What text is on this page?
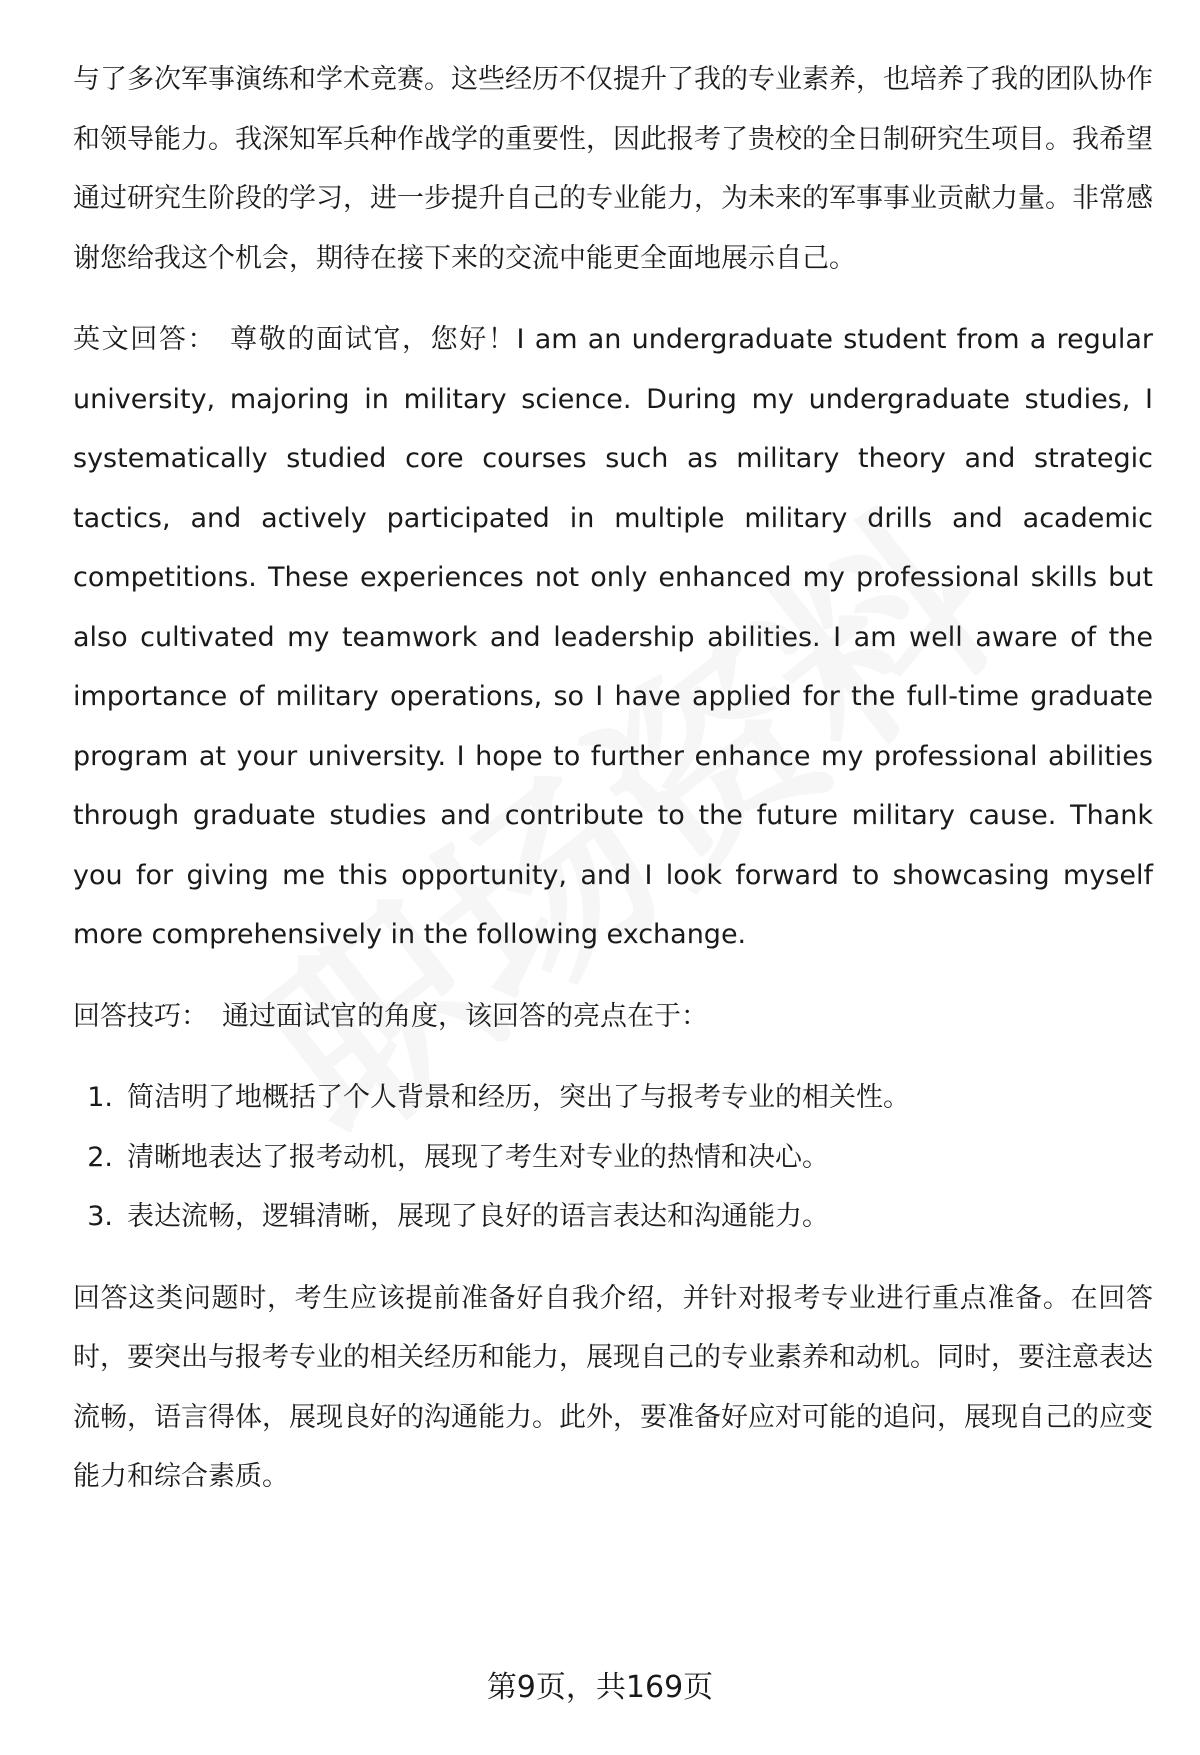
与了多次军事演练和学术竞赛。这些经历不仅提升了我的专业素养，也培养了我的团队协作和领导能力。我深知军兵种作战学的重要性，因此报考了贵校的全日制研究生项目。我希望通过研究生阶段的学习，进一步提升自己的专业能力，为未来的军事事业贡献力量。非常感谢您给我这个机会，期待在接下来的交流中能更全面地展示自己。

英文回答： 尊敬的面试官，您好！I am an undergraduate student from a regular university, majoring in military science. During my undergraduate studies, I systematically studied core courses such as military theory and strategic tactics, and actively participated in multiple military drills and academic competitions. These experiences not only enhanced my professional skills but also cultivated my teamwork and leadership abilities. I am well aware of the importance of military operations, so I have applied for the full-time graduate program at your university. I hope to further enhance my professional abilities through graduate studies and contribute to the future military cause. Thank you for giving me this opportunity, and I look forward to showcasing myself more comprehensively in the following exchange.

回答技巧： 通过面试官的角度，该回答的亮点在于：

1. 简洁明了地概括了个人背景和经历，突出了与报考专业的相关性。
2. 清晰地表达了报考动机，展现了考生对专业的热情和决心。
3. 表达流畅，逻辑清晰，展现了良好的语言表达和沟通能力。

回答这类问题时，考生应该提前准备好自我介绍，并针对报考专业进行重点准备。在回答时，要突出与报考专业的相关经历和能力，展现自己的专业素养和动机。同时，要注意表达流畅，语言得体，展现良好的沟通能力。此外，要准备好应对可能的追问，展现自己的应变能力和综合素质。

第9页，共169页
